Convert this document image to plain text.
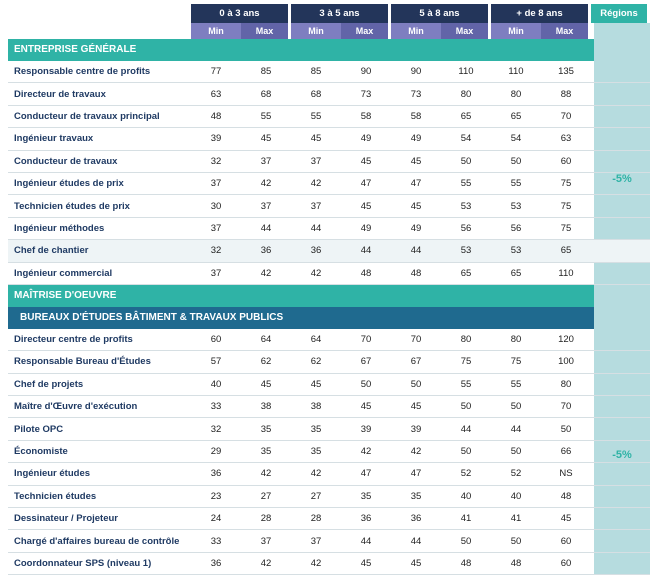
-5%
-5%
0 à 3 ans	3 à 5 ans	5 à 8 ans	+ de 8 ans	Régions
Min	Max	Min	Max	Min	Max	Min	Max
ENTREPRISE GÉNÉRALE
Responsable centre de profits	77	85	85	90	90	110	110	135
Directeur de travaux	63	68	68	73	73	80	80	88
Conducteur de travaux principal	48	55	55	58	58	65	65	70
Ingénieur travaux	39	45	45	49	49	54	54	63
Conducteur de travaux	32	37	37	45	45	50	50	60
Ingénieur études de prix	37	42	42	47	47	55	55	75
Technicien études de prix	30	37	37	45	45	53	53	75
Ingénieur méthodes	37	44	44	49	49	56	56	75
Chef de chantier	32	36	36	44	44	53	53	65
Ingénieur commercial	37	42	42	48	48	65	65	110
MAÎTRISE D'OEUVRE
BUREAUX D'ÉTUDES BÂTIMENT & TRAVAUX PUBLICS
Directeur centre de profits	60	64	64	70	70	80	80	120
Responsable Bureau d'Études	57	62	62	67	67	75	75	100
Chef de projets	40	45	45	50	50	55	55	80
Maître d'Œuvre d'exécution	33	38	38	45	45	50	50	70
Pilote OPC	32	35	35	39	39	44	44	50
Économiste	29	35	35	42	42	50	50	66
Ingénieur études	36	42	42	47	47	52	52	NS
Technicien études	23	27	27	35	35	40	40	48
Dessinateur / Projeteur	24	28	28	36	36	41	41	45
Chargé d'affaires bureau de contrôle	33	37	37	44	44	50	50	60
Coordonnateur SPS (niveau 1)	36	42	42	45	45	48	48	60
